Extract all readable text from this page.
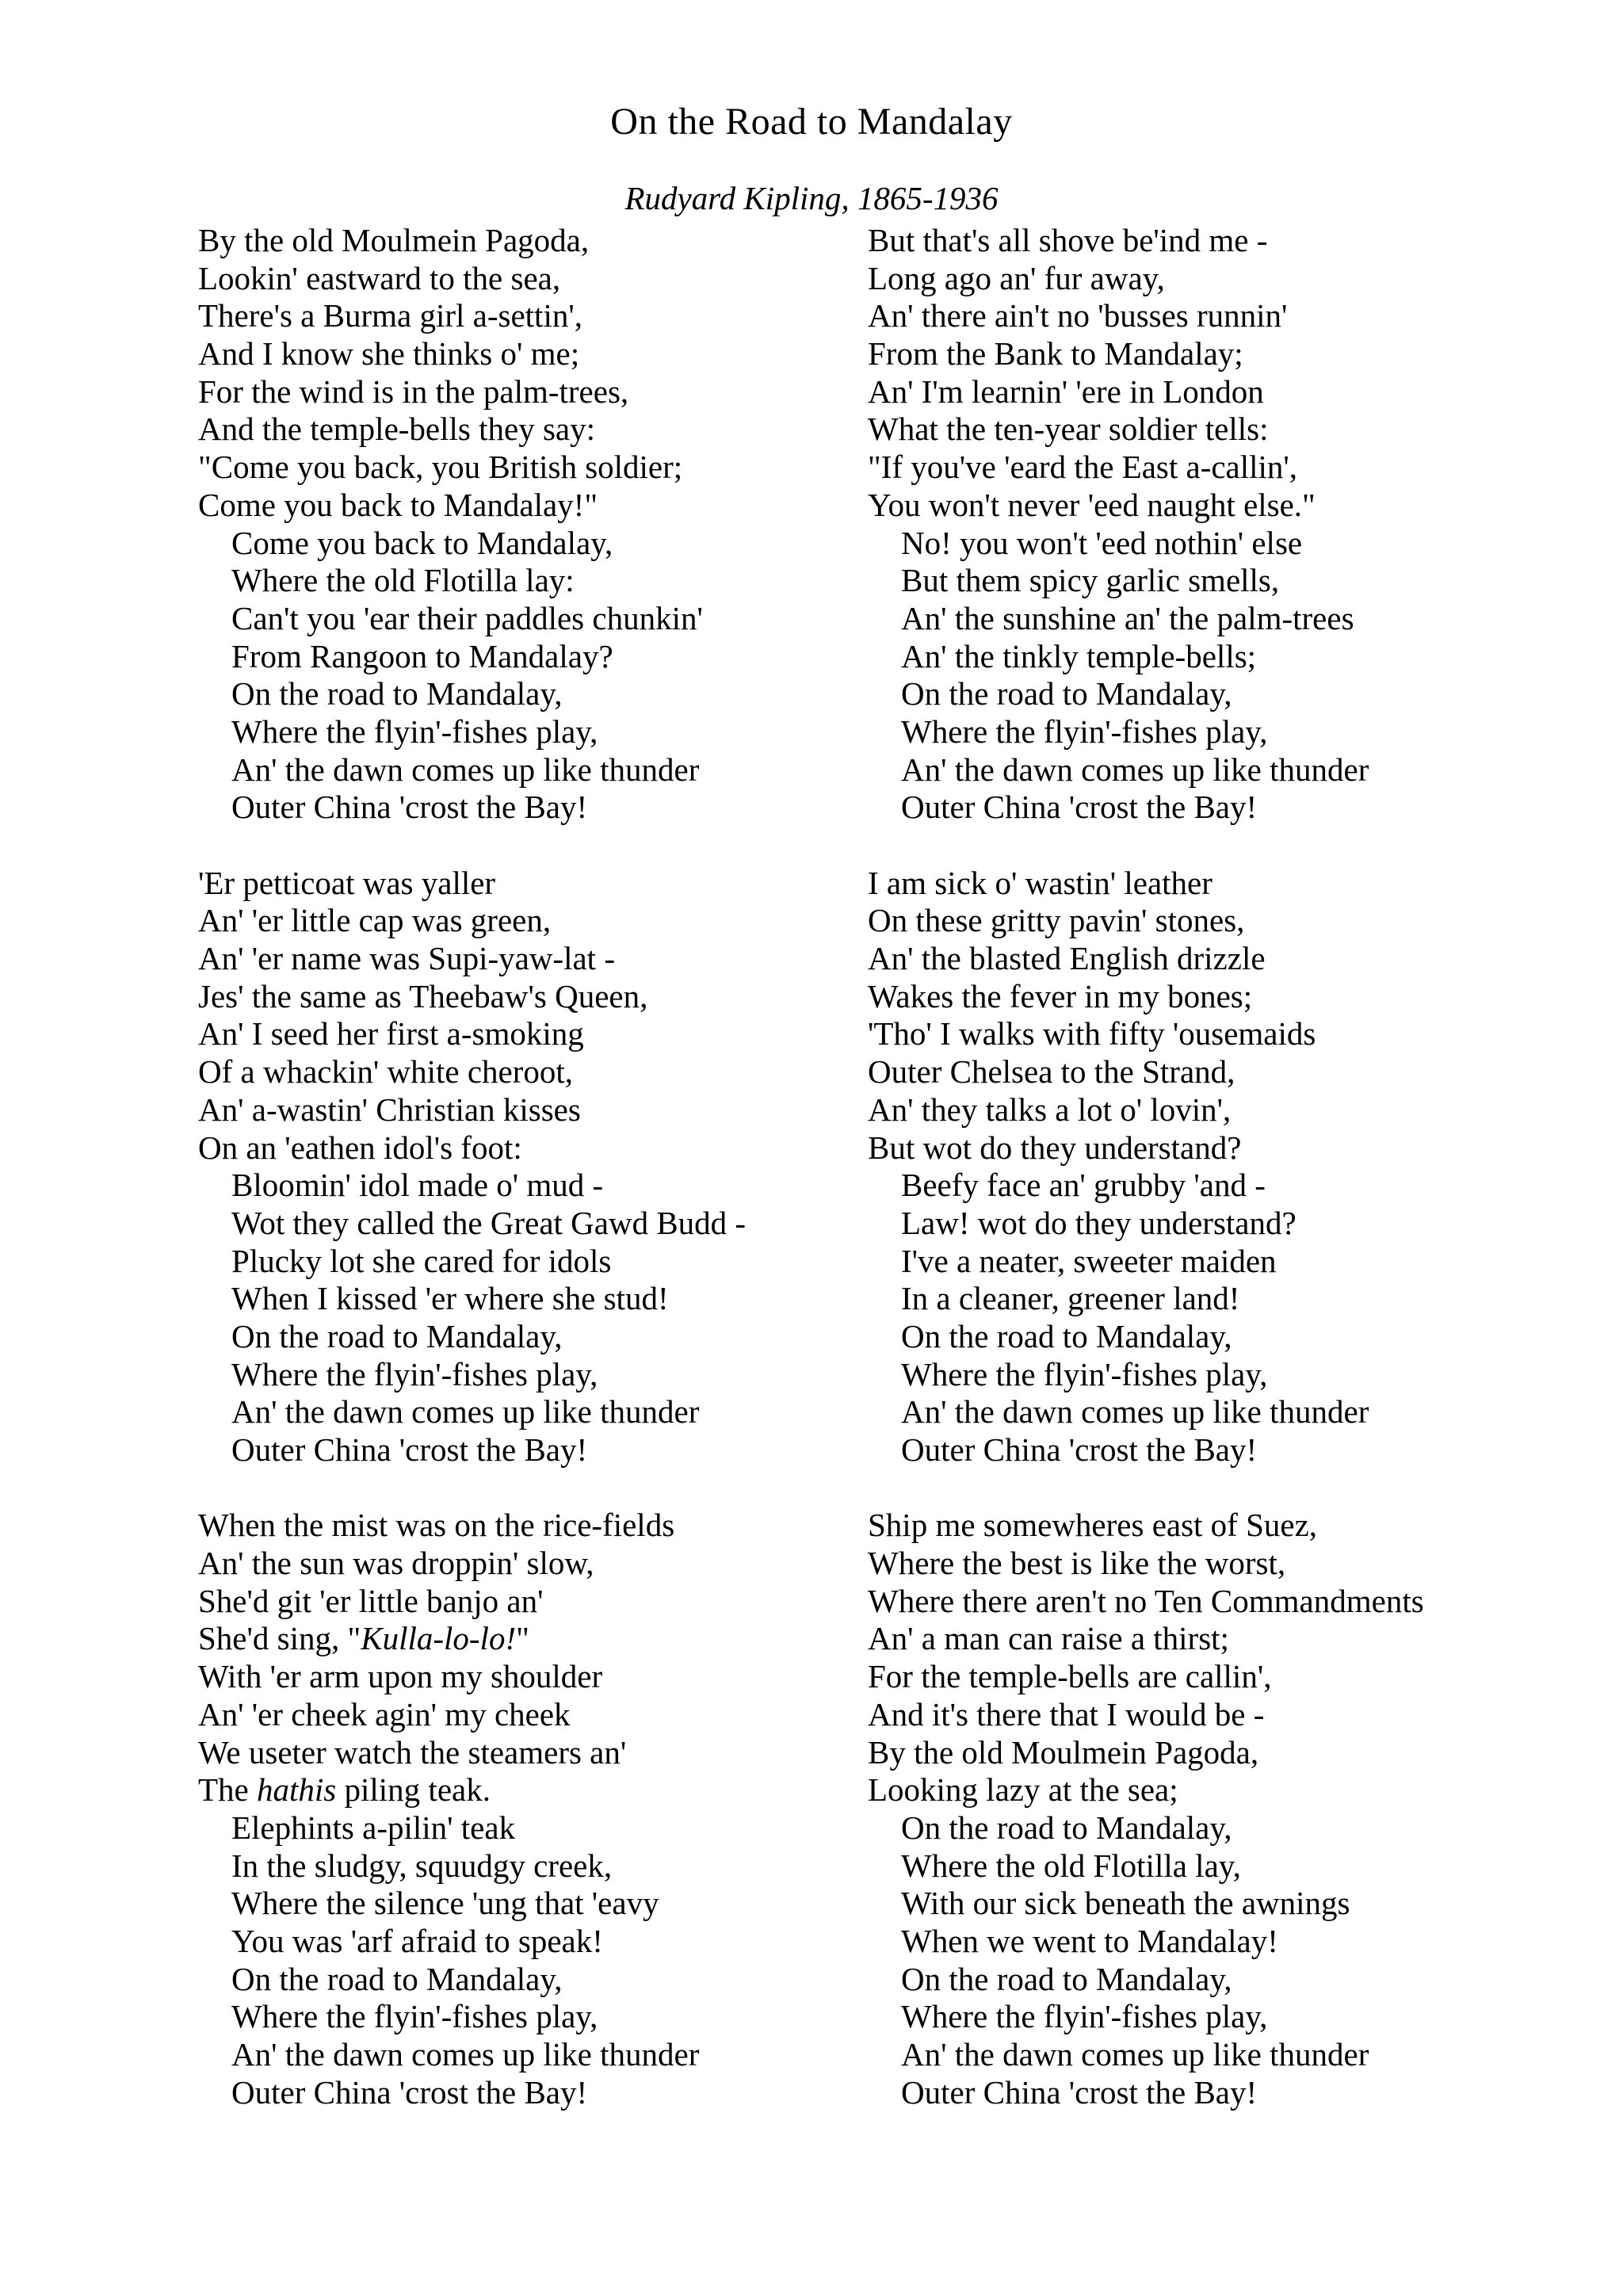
On the Road to Mandalay
Rudyard Kipling, 1865-1936
By the old Moulmein Pagoda,
Lookin' eastward to the sea,
There's a Burma girl a-settin',
And I know she thinks o' me;
For the wind is in the palm-trees,
And the temple-bells they say:
"Come you back, you British soldier;
Come you back to Mandalay!"
Come you back to Mandalay,
Where the old Flotilla lay:
Can't you 'ear their paddles chunkin'
From Rangoon to Mandalay?
On the road to Mandalay,
Where the flyin'-fishes play,
An' the dawn comes up like thunder
Outer China 'crost the Bay!
'Er petticoat was yaller
An' 'er little cap was green,
An' 'er name was Supi-yaw-lat -
Jes' the same as Theebaw's Queen,
An' I seed her first a-smoking
Of a whackin' white cheroot,
An' a-wastin' Christian kisses
On an 'eathen idol's foot:
Bloomin' idol made o' mud -
Wot they called the Great Gawd Budd -
Plucky lot she cared for idols
When I kissed 'er where she stud!
On the road to Mandalay,
Where the flyin'-fishes play,
An' the dawn comes up like thunder
Outer China 'crost the Bay!
When the mist was on the rice-fields
An' the sun was droppin' slow,
She'd git 'er little banjo an'
She'd sing, "Kulla-lo-lo!"
With 'er arm upon my shoulder
An' 'er cheek agin' my cheek
We useter watch the steamers an'
The hathis piling teak.
Elephints a-pilin' teak
In the sludgy, squudgy creek,
Where the silence 'ung that 'eavy
You was 'arf afraid to speak!
On the road to Mandalay,
Where the flyin'-fishes play,
An' the dawn comes up like thunder
Outer China 'crost the Bay!
But that's all shove be'ind me -
Long ago an' fur away,
An' there ain't no 'busses runnin'
From the Bank to Mandalay;
An' I'm learnin' 'ere in London
What the ten-year soldier tells:
"If you've 'eard the East a-callin',
You won't never 'eed naught else."
No! you won't 'eed nothin' else
But them spicy garlic smells,
An' the sunshine an' the palm-trees
An' the tinkly temple-bells;
On the road to Mandalay,
Where the flyin'-fishes play,
An' the dawn comes up like thunder
Outer China 'crost the Bay!
I am sick o' wastin' leather
On these gritty pavin' stones,
An' the blasted English drizzle
Wakes the fever in my bones;
'Tho' I walks with fifty 'ousemaids
Outer Chelsea to the Strand,
An' they talks a lot o' lovin',
But wot do they understand?
Beefy face an' grubby 'and -
Law! wot do they understand?
I've a neater, sweeter maiden
In a cleaner, greener land!
On the road to Mandalay,
Where the flyin'-fishes play,
An' the dawn comes up like thunder
Outer China 'crost the Bay!
Ship me somewheres east of Suez,
Where the best is like the worst,
Where there aren't no Ten Commandments
An' a man can raise a thirst;
For the temple-bells are callin',
And it's there that I would be -
By the old Moulmein Pagoda,
Looking lazy at the sea;
On the road to Mandalay,
Where the old Flotilla lay,
With our sick beneath the awnings
When we went to Mandalay!
On the road to Mandalay,
Where the flyin'-fishes play,
An' the dawn comes up like thunder
Outer China 'crost the Bay!
